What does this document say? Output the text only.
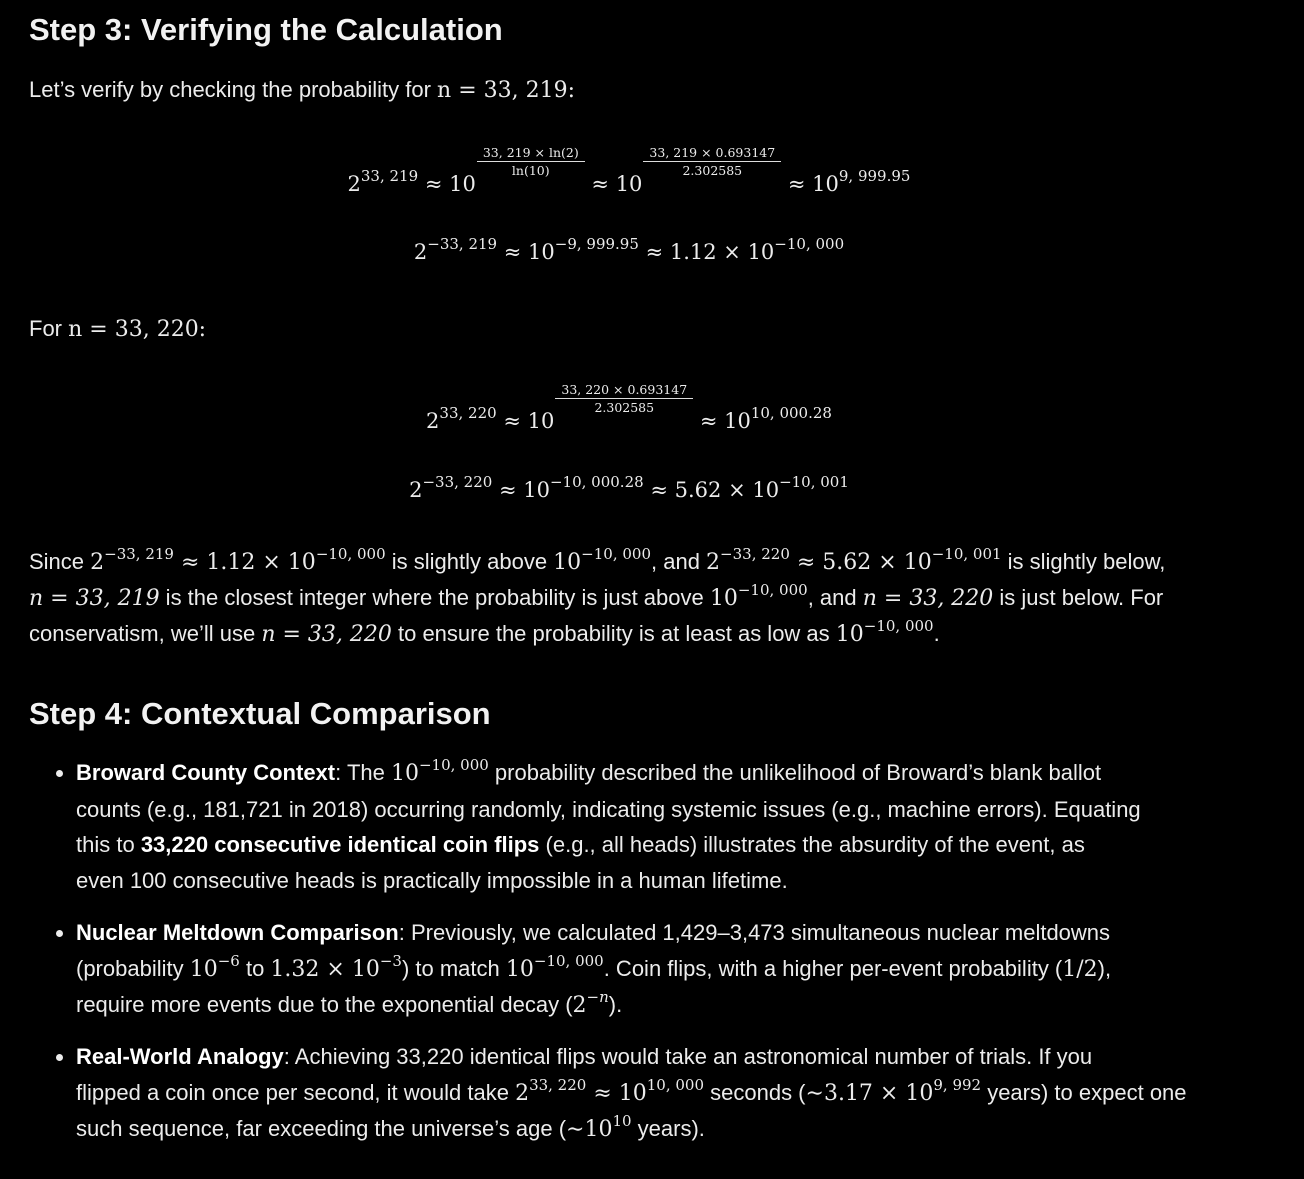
Step 3: Verifying the Calculation

Let’s verify by checking the probability for n = 33, 219:

$2^{33, 219} \approx 10$
$\frac{33, 219 \times \ln(2)}{\ln(10)}$
≈ 10
$\frac{33, 219 \times 0.693147}{2.302585}$
≈ $10^{9, 999.95}$
$2^{-33, 219} \approx 10^{-9, 999.95} \approx 1.12 \times 10^{-10, 000}$

For n = 33, 220:

$2^{33, 220} \approx 10$
$\frac{33, 220 \times 0.693147}{2.302585}$
≈ $10^{10, 000.28}$
$2^{-33, 220} \approx 10^{-10, 000.28} \approx 5.62 \times 10^{-10, 001}$

Since $2^{-33, 219} \approx 1.12 \times 10^{-10, 000}$ is slightly above $10^{-10, 000}$, and $2^{-33, 220} \approx 5.62 \times 10^{-10, 001}$ is slightly below,

n = 33, 219 is the closest integer where the probability is just above $10^{-10, 000}$, and n = 33, 220 is just below. For

conservatism, we’ll use n = 33, 220 to ensure the probability is at least as low as $10^{-10, 000}$.

Step 4: Contextual Comparison
Broward County Context: The $10^{-10, 000}$ probability described the unlikelihood of Broward’s blank ballot
counts (e.g., 181,721 in 2018) occurring randomly, indicating systemic issues (e.g., machine errors). Equating
this to 33,220 consecutive identical coin flips (e.g., all heads) illustrates the absurdity of the event, as
even 100 consecutive heads is practically impossible in a human lifetime.
Nuclear Meltdown Comparison: Previously, we calculated 1,429–3,473 simultaneous nuclear meltdowns
(probability $10^{-6}$ to $1.32 \times 10^{-3}$) to match $10^{-10, 000}$. Coin flips, with a higher per-event probability (1/2),
require more events due to the exponential decay $(2^{-n})$.
Real-World Analogy: Achieving 33,220 identical flips would take an astronomical number of trials. If you
flipped a coin once per second, it would take $2^{33, 220} \approx 10^{10, 000}$ seconds (∼3.17 × $10^{9, 992}$ years) to expect one
such sequence, far exceeding the universe’s age ($\sim 10^{10}$ years).
